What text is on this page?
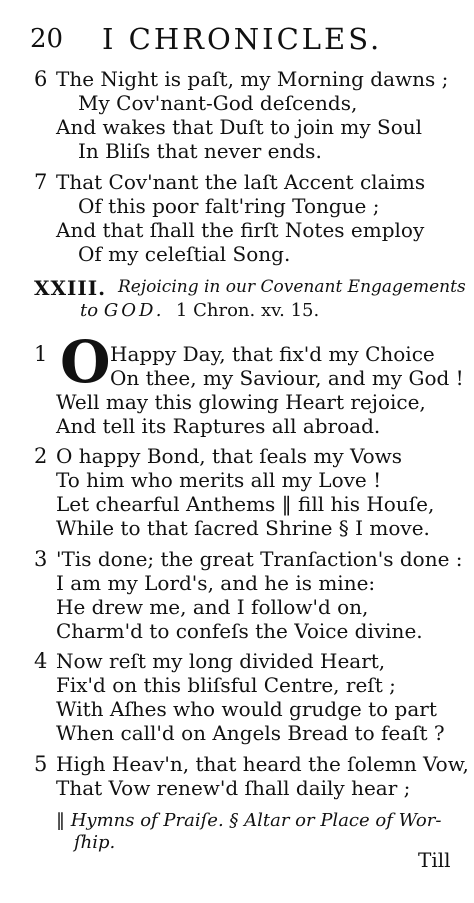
20 I CHRONICLES.
6 The Night is paſt, my Morning dawns ;
My Cov'nant-God deſcends,
And wakes that Duſt to join my Soul
In Bliſs that never ends.
7 That Cov'nant the laſt Accent claims
Of this poor falt'ring Tongue ;
And that ſhall the firſt Notes employ
Of my celeſtial Song.
XXIII. Rejoicing in our Covenant Engagements
to GOD. 1 Chron. xv. 15.
1 O Happy Day, that fix'd my Choice
On thee, my Saviour, and my God !
Well may this glowing Heart rejoice,
And tell its Raptures all abroad.
2 O happy Bond, that ſeals my Vows
To him who merits all my Love !
Let chearful Anthems ‖ fill his Houſe,
While to that ſacred Shrine § I move.
3 'Tis done; the great Tranſaction's done :
I am my Lord's, and he is mine:
He drew me, and I follow'd on,
Charm'd to confeſs the Voice divine.
4 Now reſt my long divided Heart,
Fix'd on this bliſsful Centre, reſt ;
With Aſhes who would grudge to part
When call'd on Angels Bread to feaſt ?
5 High Heav'n, that heard the ſolemn Vow,
That Vow renew'd ſhall daily hear ;
‖ Hymns of Praiſe. § Altar or Place of Wor-
ſhip.
Till
